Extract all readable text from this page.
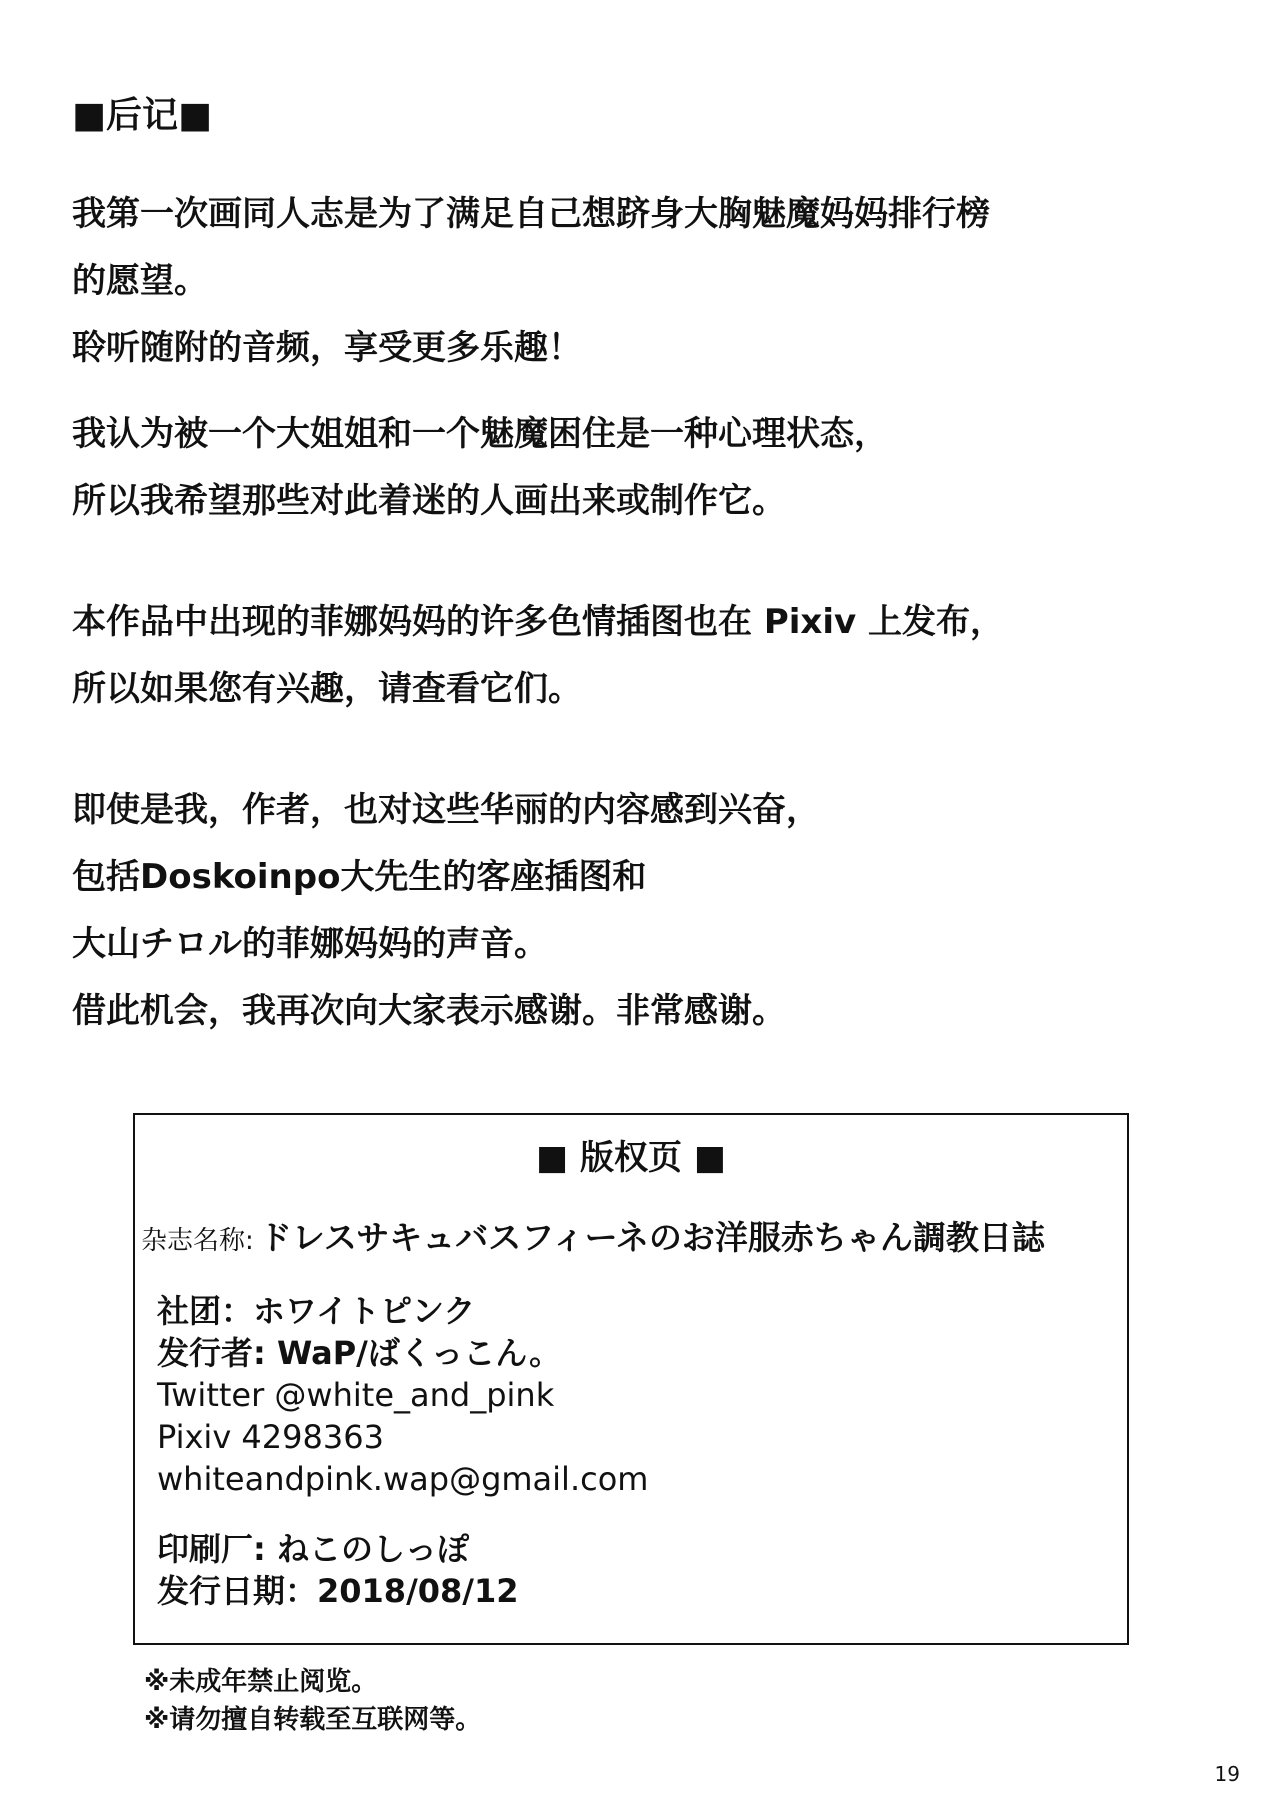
■后记■
我第一次画同人志是为了满足自己想跻身大胸魅魔妈妈排行榜
的愿望。
聆听随附的音频，享受更多乐趣！
我认为被一个大姐姐和一个魅魔困住是一种心理状态，
所以我希望那些对此着迷的人画出来或制作它。
本作品中出现的菲娜妈妈的许多色情插图也在 Pixiv 上发布，
所以如果您有兴趣，请查看它们。
即使是我，作者，也对这些华丽的内容感到兴奋，
包括Doskoinpo大先生的客座插图和
大山チロル的菲娜妈妈的声音。
借此机会，我再次向大家表示感谢。非常感谢。
■ 版权页 ■
杂志名称: ドレスサキュバスフィーネのお洋服赤ちゃん調教日誌
社团：ホワイトピンク
发行者: WaP/ばくっこん。
Twitter @white_and_pink
Pixiv 4298363
whiteandpink.wap@gmail.com
印刷厂: ねこのしっぽ
发行日期：2018/08/12
※未成年禁止阅览。
※请勿擅自转载至互联网等。
19
